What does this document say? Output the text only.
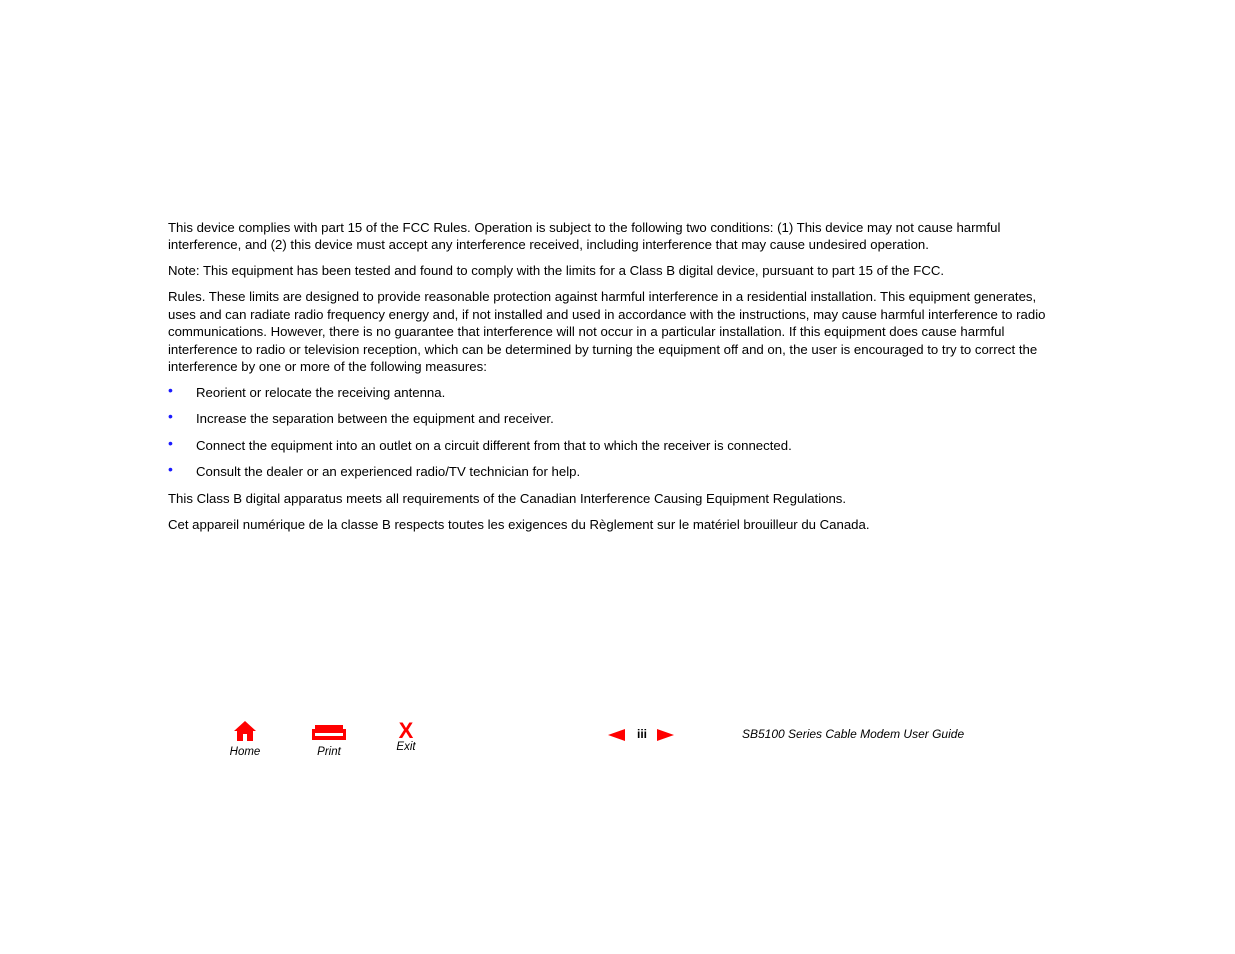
This device complies with part 15 of the FCC Rules. Operation is subject to the following two conditions: (1) This device may not cause harmful interference, and (2) this device must accept any interference received, including interference that may cause undesired operation.

Note: This equipment has been tested and found to comply with the limits for a Class B digital device, pursuant to part 15 of the FCC.

Rules. These limits are designed to provide reasonable protection against harmful interference in a residential installation. This equipment generates, uses and can radiate radio frequency energy and, if not installed and used in accordance with the instructions, may cause harmful interference to radio communications. However, there is no guarantee that interference will not occur in a particular installation. If this equipment does cause harmful interference to radio or television reception, which can be determined by turning the equipment off and on, the user is encouraged to try to correct the interference by one or more of the following measures:

• Reorient or relocate the receiving antenna.
• Increase the separation between the equipment and receiver.
• Connect the equipment into an outlet on a circuit different from that to which the receiver is connected.
• Consult the dealer or an experienced radio/TV technician for help.

This Class B digital apparatus meets all requirements of the Canadian Interference Causing Equipment Regulations.

Cet appareil numérique de la classe B respects toutes les exigences du Règlement sur le matériel brouilleur du Canada.

Home	Print
X
Exit
iii	SB5100 Series Cable Modem User Guide
